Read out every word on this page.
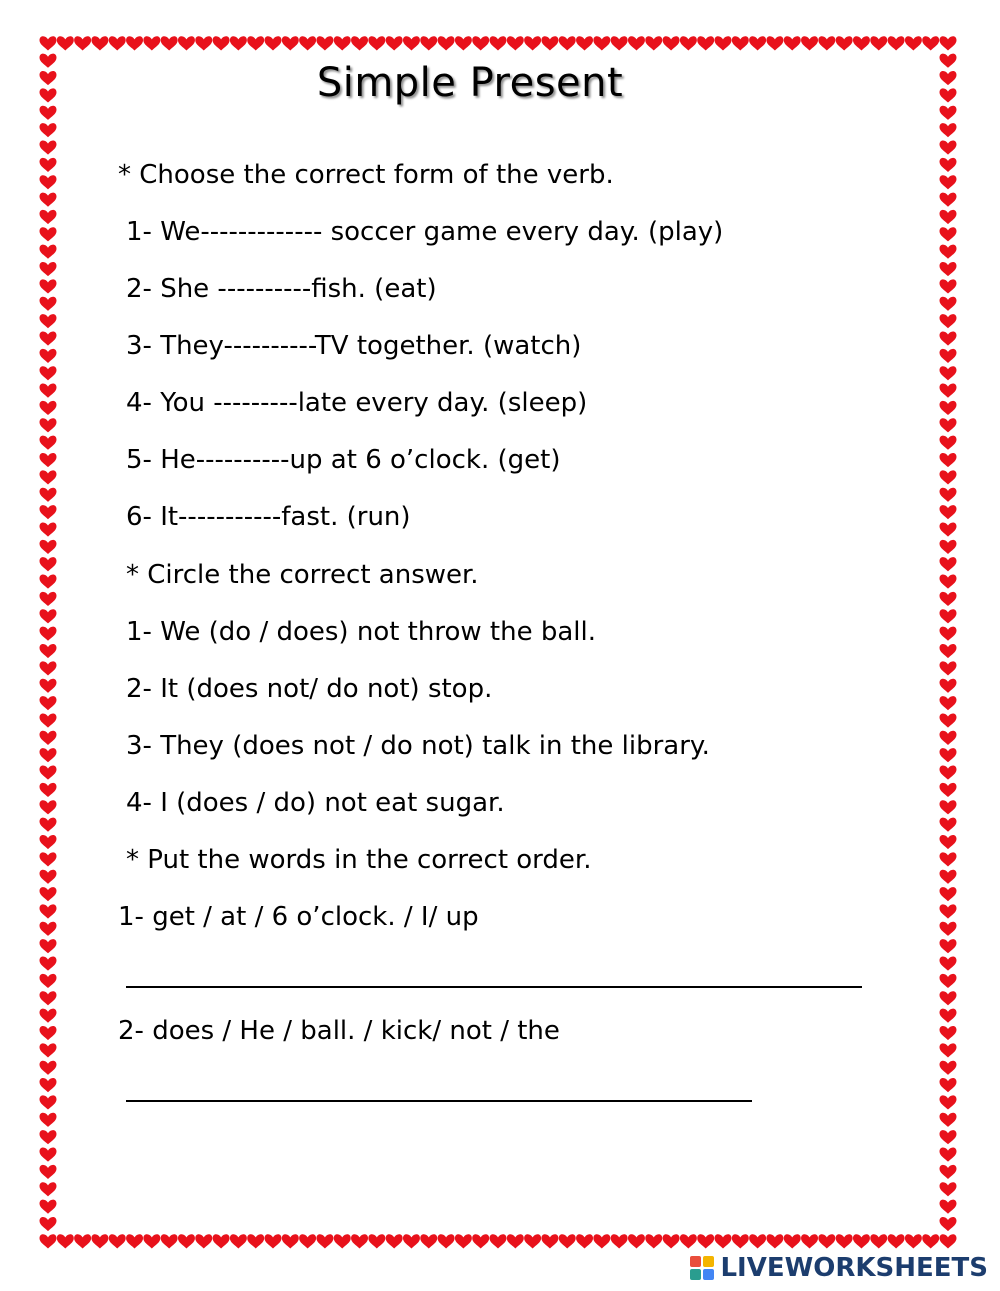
Simple Present
* Choose the correct form of the verb.
1- We------------- soccer game every day. (play)
2- She ----------fish. (eat)
3- They----------TV together. (watch)
4- You ---------late every day. (sleep)
5- He----------up at 6 o’clock. (get)
6- It-----------fast. (run)
* Circle the correct answer.
1- We (do / does) not throw the ball.
2- It (does not/ do not) stop.
3- They (does not / do not) talk in the library.
4- I (does / do) not eat sugar.
* Put the words in the correct order.
1- get / at / 6 o’clock. / I/ up
2- does / He / ball. / kick/ not / the
LIVEWORKSHEETS
